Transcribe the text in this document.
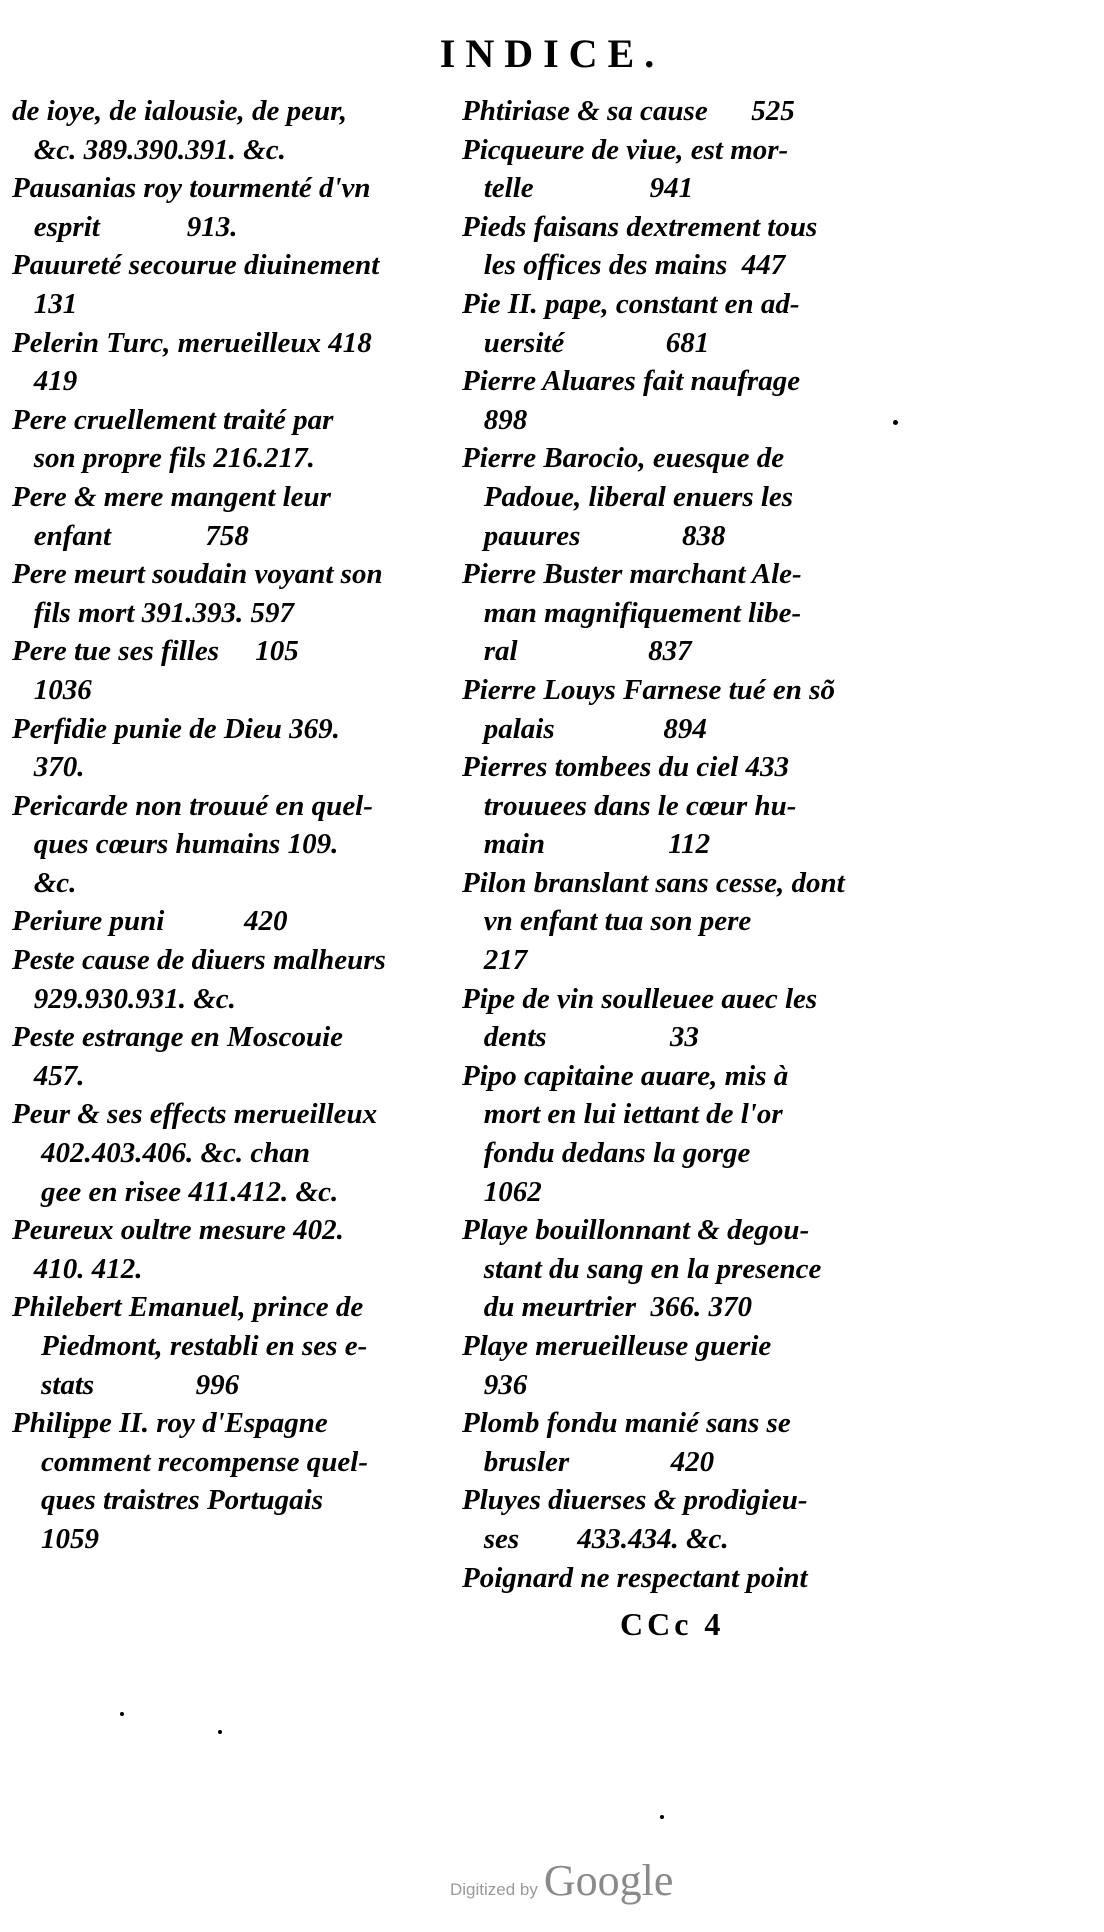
INDICE.
de ioye, de ialousie, de peur,
&c. 389.390.391. &c.
Pausanias roy tourmenté d'vn
esprit            913.
Pauureté secourue diuinement
131
Pelerin Turc, merueilleux 418
419
Pere cruellement traité par
son propre fils 216.217.
Pere & mere mangent leur
enfant             758
Pere meurt soudain voyant son
fils mort 391.393. 597
Pere tue ses filles     105
1036
Perfidie punie de Dieu 369.
370.
Pericarde non trouué en quel-
ques cœurs humains 109.
&c.
Periure puni           420
Peste cause de diuers malheurs
929.930.931. &c.
Peste estrange en Moscouie
457.
Peur & ses effects merueilleux
402.403.406. &c. chan
gee en risee 411.412. &c.
Peureux oultre mesure 402.
410. 412.
Philebert Emanuel, prince de
Piedmont, restabli en ses e-
stats              996
Philippe II. roy d'Espagne
comment recompense quel-
ques traistres Portugais
1059
Phtiriase & sa cause      525
Picqueure de viue, est mor-
telle                941
Pieds faisans dextrement tous
les offices des mains  447
Pie II. pape, constant en ad-
uersité              681
Pierre Aluares fait naufrage
898
Pierre Barocio, euesque de
Padoue, liberal enuers les
pauures              838
Pierre Buster marchant Ale-
man magnifiquement libe-
ral                  837
Pierre Louys Farnese tué en sõ
palais               894
Pierres tombees du ciel 433
trouuees dans le cœur hu-
main                 112
Pilon branslant sans cesse, dont
vn enfant tua son pere
217
Pipe de vin soulleuee auec les
dents                 33
Pipo capitaine auare, mis à
mort en lui iettant de l'or
fondu dedans la gorge
1062
Playe bouillonnant & degou-
stant du sang en la presence
du meurtrier  366. 370
Playe merueilleuse guerie
936
Plomb fondu manié sans se
brusler              420
Pluyes diuerses & prodigieu-
ses        433.434. &c.
Poignard ne respectant point
CCc 4
Digitized by Google
